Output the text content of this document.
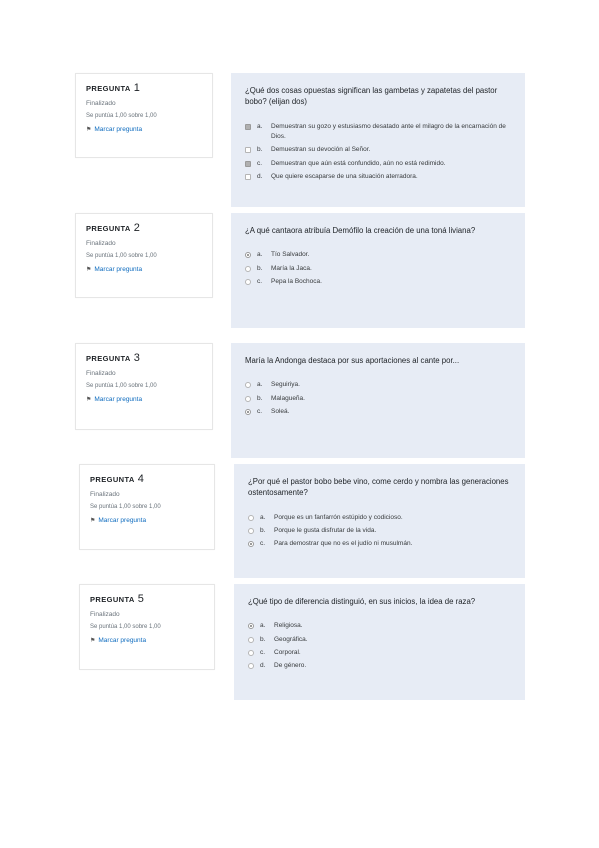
PREGUNTA 1
Finalizado
Se puntúa 1,00 sobre 1,00
⚑ Marcar pregunta

¿Qué dos cosas opuestas significan las gambetas y zapatetas del pastor bobo? (elijan dos)

a.	Demuestran su gozo y estusiasmo desatado ante el milagro de la encarnación de Dios.
b.	Demuestran su devoción al Señor.
c.	Demuestran que aún está confundido, aún no está redimido.
d.	Que quiere escaparse de una situación aterradora.
PREGUNTA 2
Finalizado
Se puntúa 1,00 sobre 1,00
⚑ Marcar pregunta

¿A qué cantaora atribuía Demófilo la creación de una toná liviana?

a.	Tío Salvador.
b.	María la Jaca.
c.	Pepa la Bochoca.
PREGUNTA 3
Finalizado
Se puntúa 1,00 sobre 1,00
⚑ Marcar pregunta

María la Andonga destaca por sus aportaciones al cante por...

a.	Seguiriya.
b.	Malagueña.
c.	Soleá.
PREGUNTA 4
Finalizado
Se puntúa 1,00 sobre 1,00
⚑ Marcar pregunta

¿Por qué el pastor bobo bebe vino, come cerdo y nombra las generaciones ostentosamente?

a.	Porque es un fanfarrón estúpido y codicioso.
b.	Porque le gusta disfrutar de la vida.
c.	Para demostrar que no es el judío ni musulmán.
PREGUNTA 5
Finalizado
Se puntúa 1,00 sobre 1,00
⚑ Marcar pregunta

¿Qué tipo de diferencia distinguió, en sus inicios, la idea de raza?

a.	Religiosa.
b.	Geográfica.
c.	Corporal.
d.	De género.
